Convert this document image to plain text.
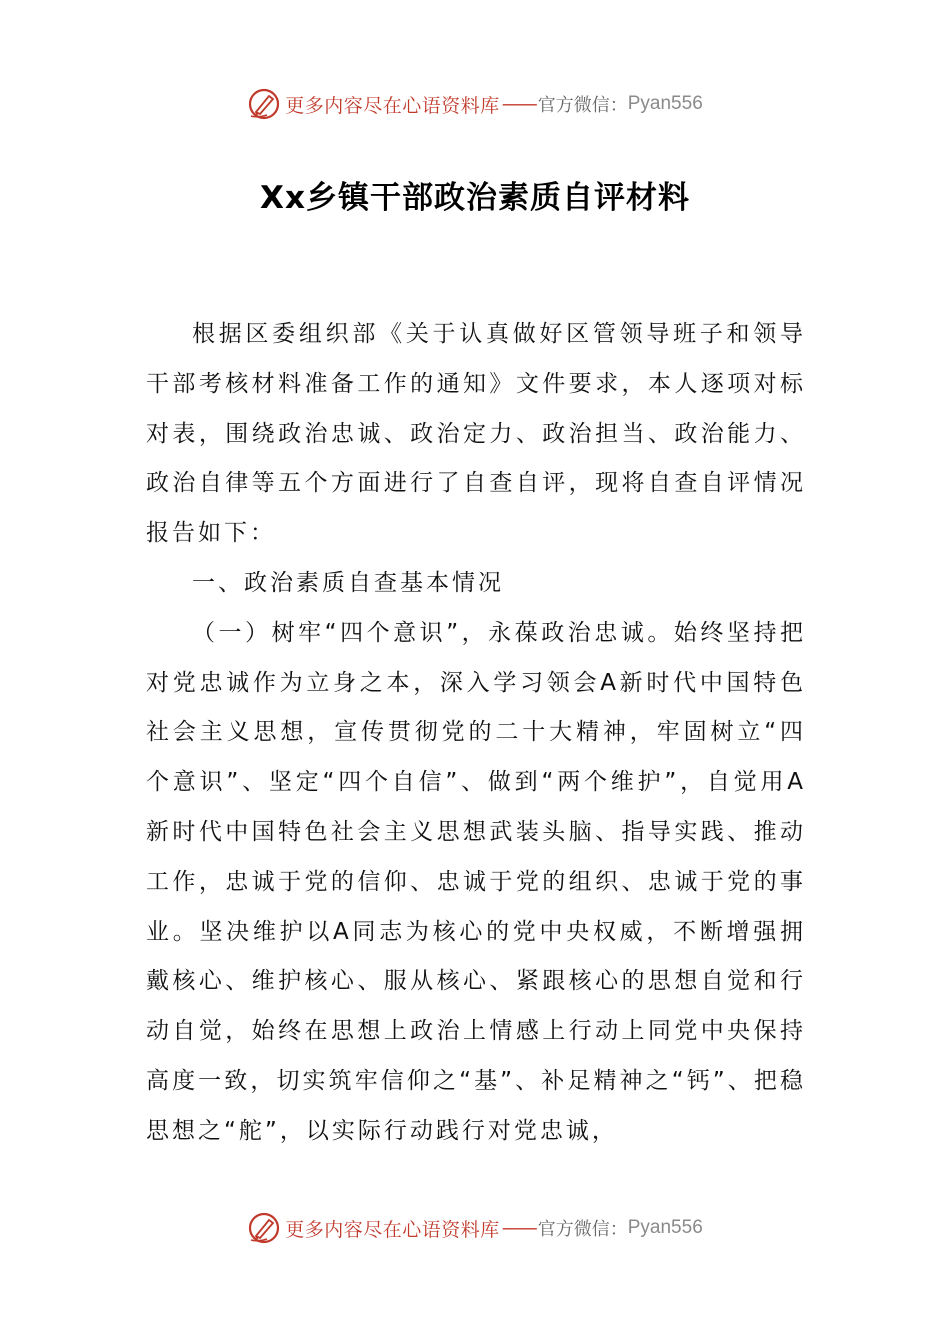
更多内容尽在心语资料库 —— 官方微信： Pyan556
Xx乡镇干部政治素质自评材料

根据区委组织部《关于认真做好区管领导班子和领导干部考核材料准备工作的通知》文件要求，本人逐项对标对表，围绕政治忠诚、政治定力、政治担当、政治能力、政治自律等五个方面进行了自查自评，现将自查自评情况报告如下：

一、政治素质自查基本情况

（一）树牢“四个意识”，永葆政治忠诚。始终坚持把对党忠诚作为立身之本，深入学习领会A新时代中国特色社会主义思想，宣传贯彻党的二十大精神，牢固树立“四个意识”、坚定“四个自信”、做到“两个维护”，自觉用A新时代中国特色社会主义思想武装头脑、指导实践、推动工作，忠诚于党的信仰、忠诚于党的组织、忠诚于党的事业。坚决维护以A同志为核心的党中央权威，不断增强拥戴核心、维护核心、服从核心、紧跟核心的思想自觉和行动自觉，始终在思想上政治上情感上行动上同党中央保持高度一致，切实筑牢信仰之“基”、补足精神之“钙”、把稳思想之“舵”，以实际行动践行对党忠诚，

更多内容尽在心语资料库 —— 官方微信： Pyan556
